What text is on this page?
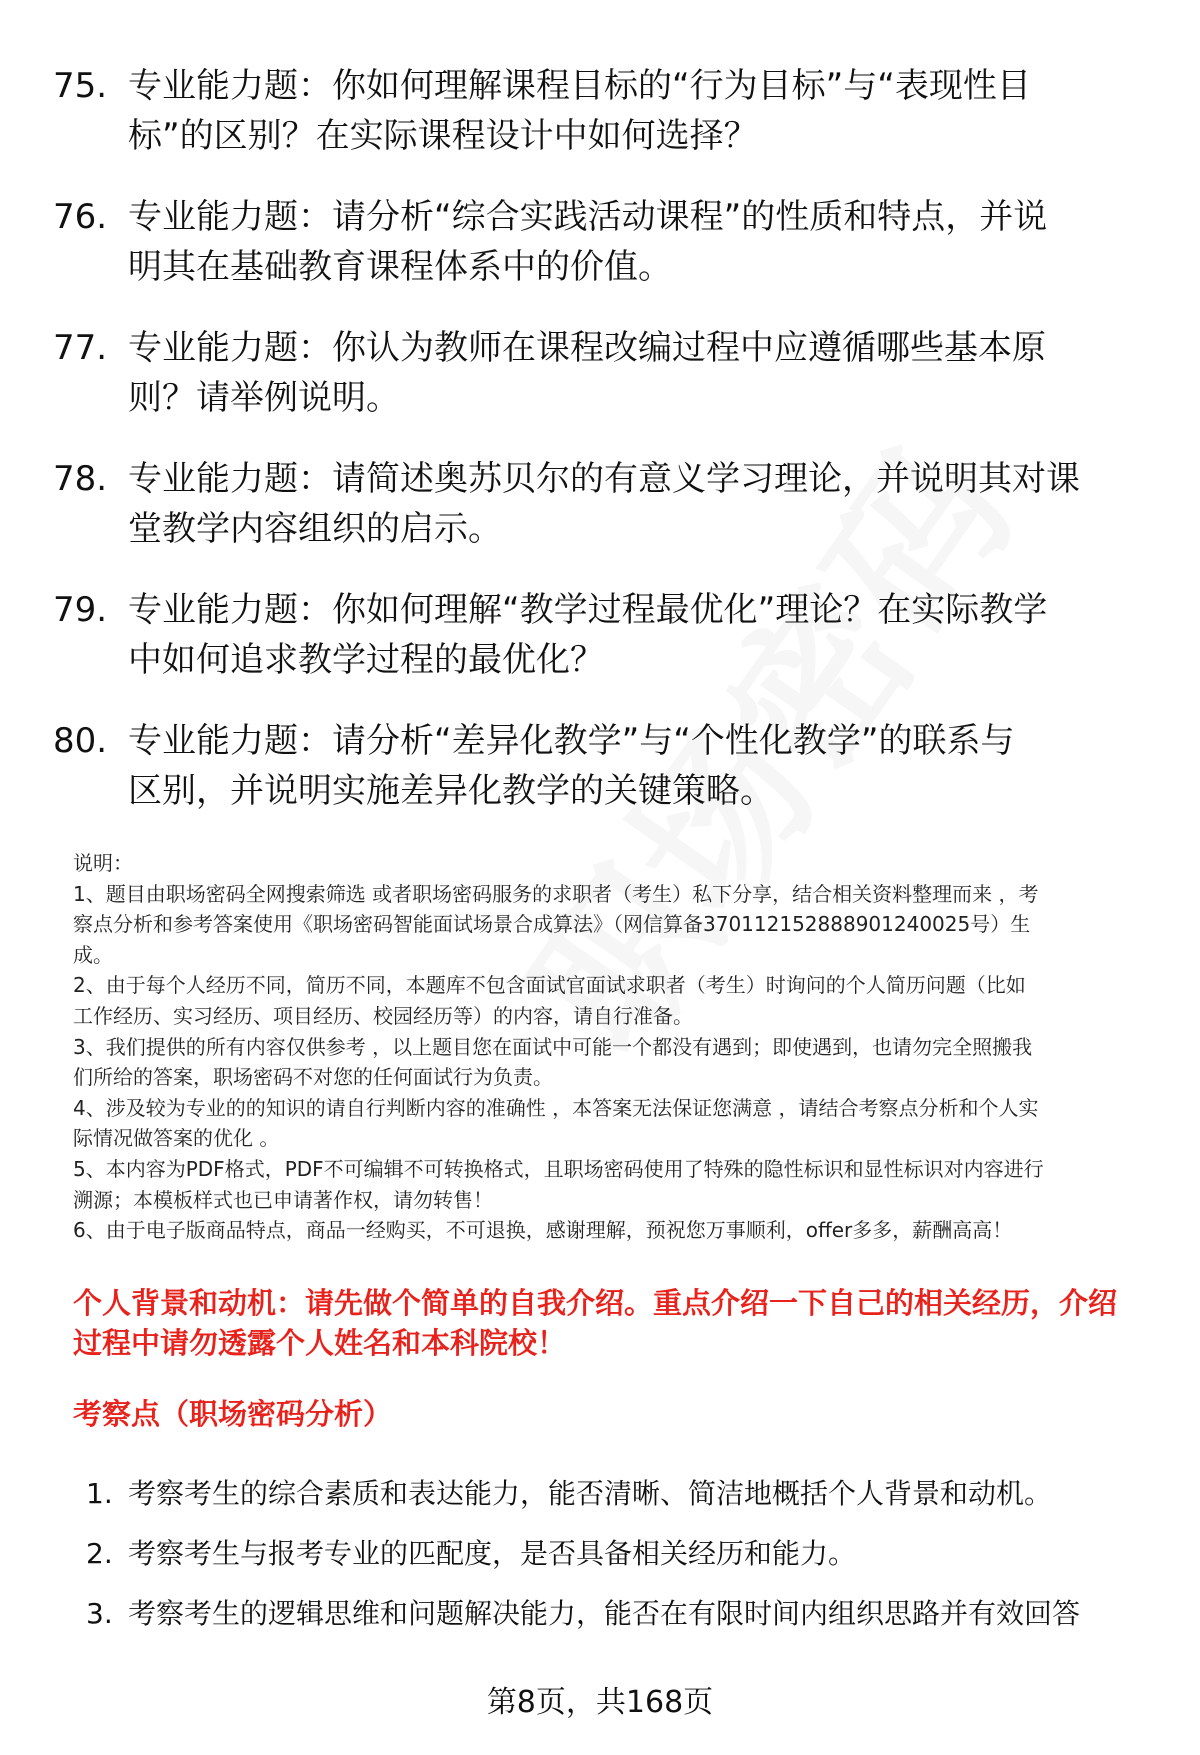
75. 专业能力题：你如何理解课程目标的“行为目标”与“表现性目
标”的区别？在实际课程设计中如何选择？
76. 专业能力题：请分析“综合实践活动课程”的性质和特点，并说
明其在基础教育课程体系中的价值。
77. 专业能力题：你认为教师在课程改编过程中应遵循哪些基本原
则？请举例说明。
78. 专业能力题：请简述奥苏贝尔的有意义学习理论，并说明其对课
堂教学内容组织的启示。
79. 专业能力题：你如何理解“教学过程最优化”理论？在实际教学
中如何追求教学过程的最优化？
80. 专业能力题：请分析“差异化教学”与“个性化教学”的联系与
区别，并说明实施差异化教学的关键策略。
说明：
1、题目由职场密码全网搜索筛选 或者职场密码服务的求职者（考生）私下分享，结合相关资料整理而来 ，考
察点分析和参考答案使用《职场密码智能面试场景合成算法》（网信算备370112152888901240025号）生
成。
2、由于每个人经历不同，简历不同，本题库不包含面试官面试求职者（考生）时询问的个人简历问题（比如
工作经历、实习经历、项目经历、校园经历等）的内容，请自行准备。
3、我们提供的所有内容仅供参考 ，以上题目您在面试中可能一个都没有遇到；即使遇到，也请勿完全照搬我
们所给的答案，职场密码不对您的任何面试行为负责。
4、涉及较为专业的的知识的请自行判断内容的准确性 ，本答案无法保证您满意 ，请结合考察点分析和个人实
际情况做答案的优化 。
5、本内容为PDF格式，PDF不可编辑不可转换格式，且职场密码使用了特殊的隐性标识和显性标识对内容进行
溯源；本模板样式也已申请著作权，请勿转售！
6、由于电子版商品特点，商品一经购买，不可退换，感谢理解，预祝您万事顺利，offer多多，薪酬高高！
个人背景和动机：请先做个简单的自我介绍。重点介绍一下自己的相关经历，介绍
过程中请勿透露个人姓名和本科院校！
考察点（职场密码分析）
1. 考察考生的综合素质和表达能力，能否清晰、简洁地概括个人背景和动机。
2. 考察考生与报考专业的匹配度，是否具备相关经历和能力。
3. 考察考生的逻辑思维和问题解决能力，能否在有限时间内组织思路并有效回答
第8页，共168页
